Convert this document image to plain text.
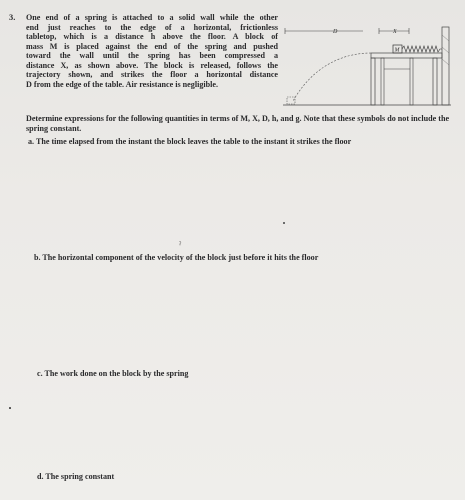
3. One end of a spring is attached to a solid wall while the other
end just reaches to the edge of a horizontal, frictionless
tabletop, which is a distance h above the floor. A block of
mass M is placed against the end of the spring and pushed
toward the wall until the spring has been compressed a
distance X, as shown above. The block is released, follows the
trajectory shown, and strikes the floor a horizontal distance
D from the edge of the table. Air resistance is negligible.
D	X
M

Determine expressions for the following quantities in terms of M, X, D, h, and g. Note that these symbols do not include the spring constant.

a. The time elapsed from the instant the block leaves the table to the instant it strikes the floor
b. The horizontal component of the velocity of the block just before it hits the floor
c. The work done on the block by the spring
d. The spring constant
ˀ
